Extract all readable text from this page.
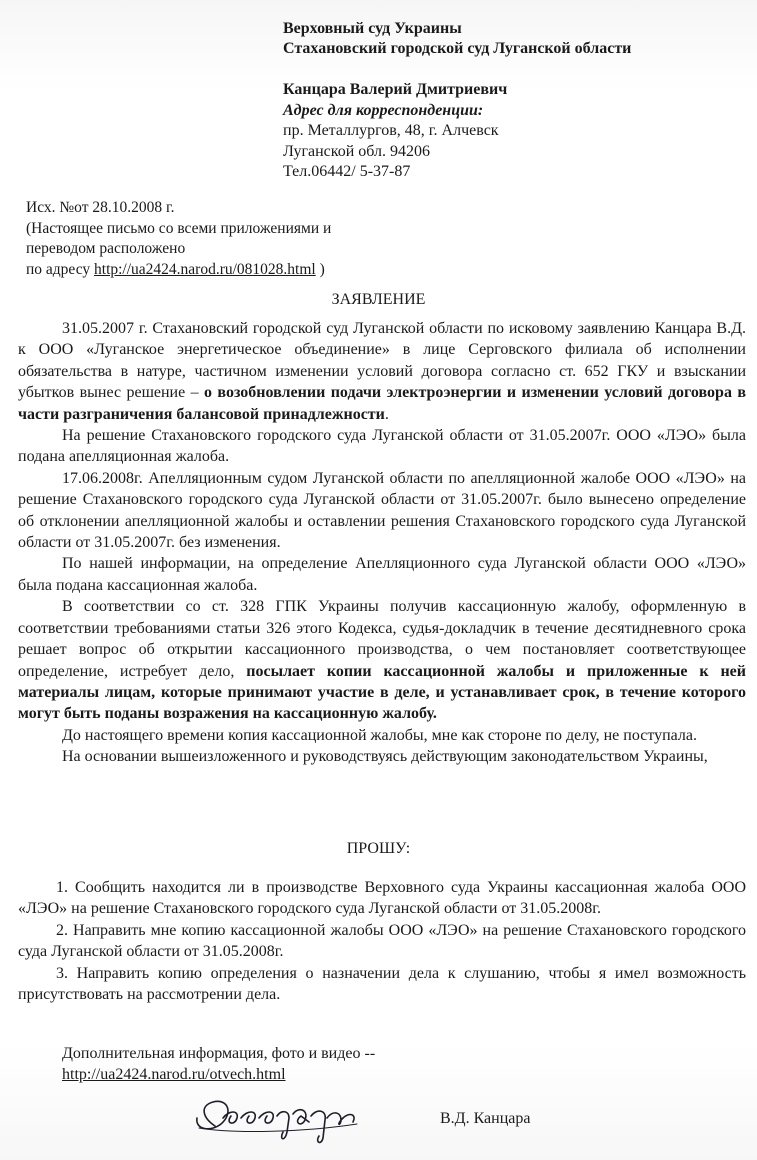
Верховный суд Украины
Стахановский городской суд Луганской области
Канцара Валерий Дмитриевич
Адрес для корреспонденции:
пр. Металлургов, 48, г. Алчевск
Луганской обл. 94206
Тел.06442/ 5-37-87
Исх. №от 28.10.2008 г.
(Настоящее письмо со всеми приложениями и
переводом расположено
по адресу http://ua2424.narod.ru/081028.html )
ЗАЯВЛЕНИЕ

31.05.2007 г. Стахановский городской суд Луганской области по исковому заявлению Канцара В.Д. к ООО «Луганское энергетическое объединение» в лице Серговского филиала об исполнении обязательства в натуре, частичном изменении условий договора согласно ст. 652 ГКУ и взыскании убытков вынес решение – о возобновлении подачи электроэнергии и изменении условий договора в части разграничения балансовой принадлежности.

На решение Стахановского городского суда Луганской области от 31.05.2007г. ООО «ЛЭО» была подана апелляционная жалоба.

17.06.2008г. Апелляционным судом Луганской области по апелляционной жалобе ООО «ЛЭО» на решение Стахановского городского суда Луганской области от 31.05.2007г. было вынесено определение об отклонении апелляционной жалобы и оставлении решения Стахановского городского суда Луганской области от 31.05.2007г. без изменения.

По нашей информации, на определение Апелляционного суда Луганской области ООО «ЛЭО» была подана кассационная жалоба.

В соответствии со ст. 328 ГПК Украины получив кассационную жалобу, оформленную в соответствии требованиями статьи 326 этого Кодекса, судья-докладчик в течение десятидневного срока решает вопрос об открытии кассационного производства, о чем постановляет соответствующее определение, истребует дело, посылает копии кассационной жалобы и приложенные к ней материалы лицам, которые принимают участие в деле, и устанавливает срок, в течение которого могут быть поданы возражения на кассационную жалобу.

До настоящего времени копия кассационной жалобы, мне как стороне по делу, не поступала.

На основании вышеизложенного и руководствуясь действующим законодательством Украины,

ПРОШУ:

1. Сообщить находится ли в производстве Верховного суда Украины кассационная жалоба ООО «ЛЭО» на решение Стахановского городского суда Луганской области от 31.05.2008г.

2. Направить мне копию кассационной жалобы ООО «ЛЭО» на решение Стахановского городского суда Луганской области от 31.05.2008г.

3. Направить копию определения о назначении дела к слушанию, чтобы я имел возможность присутствовать на рассмотрении дела.

Дополнительная информация, фото и видео --
http://ua2424.narod.ru/otvech.html
В.Д. Канцара
